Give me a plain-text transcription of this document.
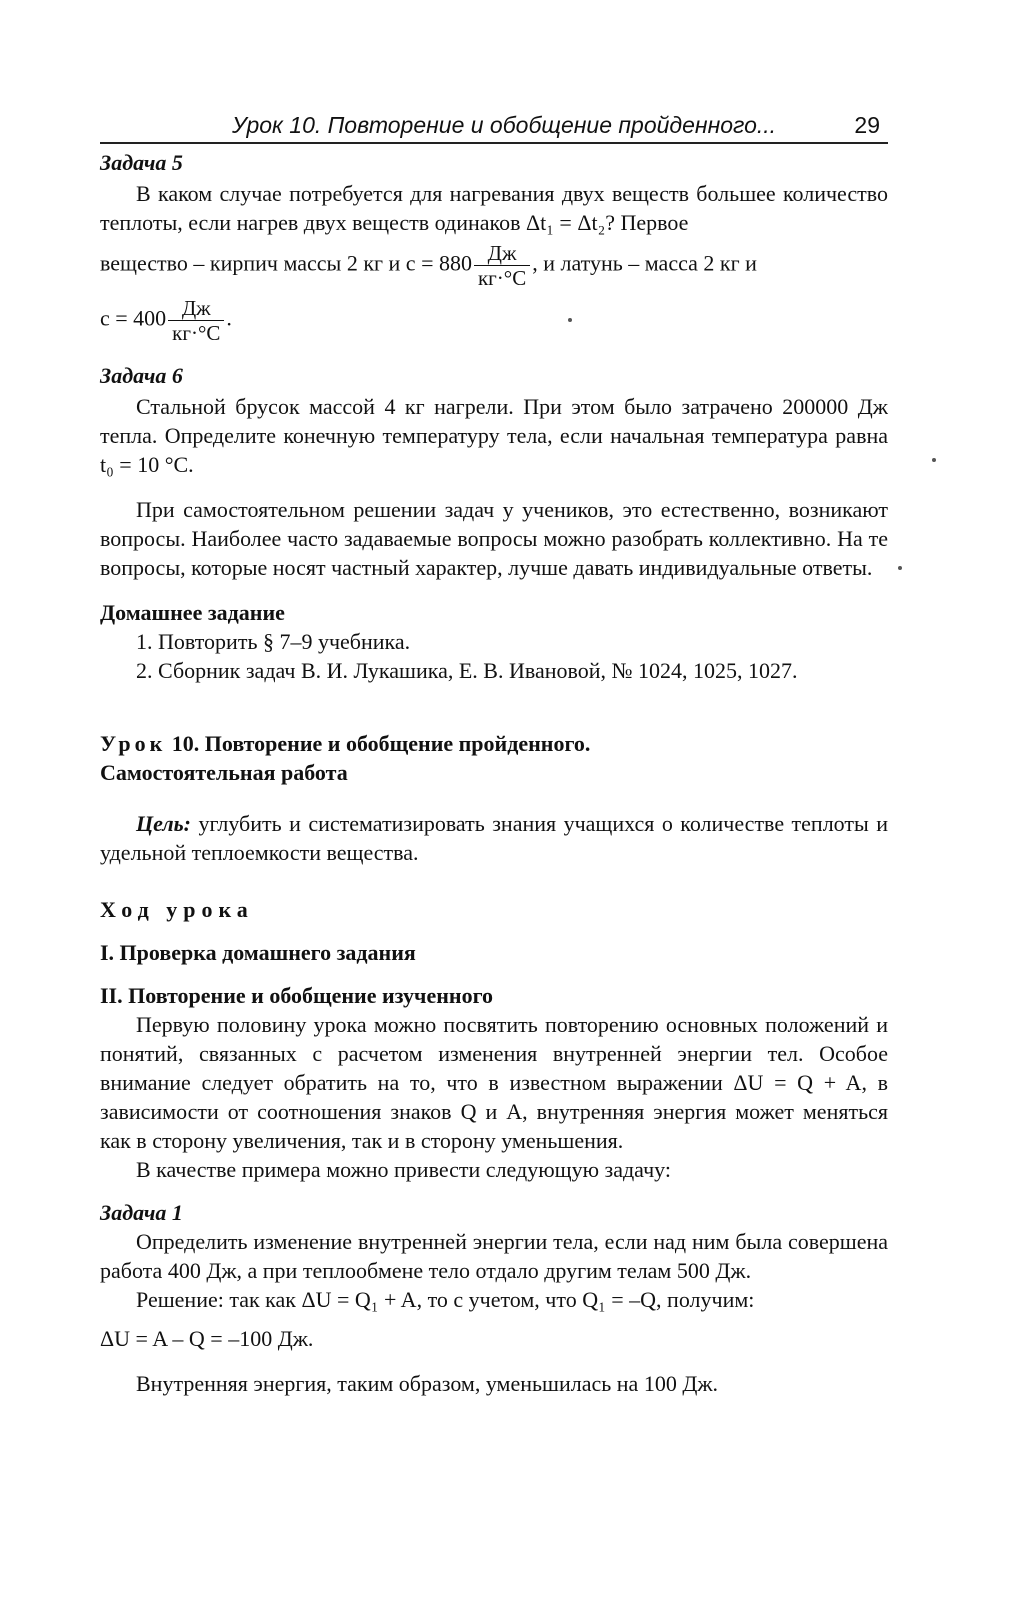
Урок 10. Повторение и обобщение пройденного...	29

Задача 5

В каком случае потребуется для нагревания двух веществ большее количество теплоты, если нагрев двух веществ одинаков Δt₁ = Δt₂? Первое

вещество – кирпич массы 2 кг и $c = 880 \frac{Дж}{кг\cdot^\circ С}$ , и латунь – масса 2 кг и
$c = 400 \frac{Дж}{кг\cdot^\circ С}$ .

Задача 6

Стальной брусок массой 4 кг нагрели. При этом было затрачено 200000 Дж тепла. Определите конечную температуру тела, если начальная температура равна t₀ = 10 °С.

При самостоятельном решении задач у учеников, это естественно, возникают вопросы. Наиболее часто задаваемые вопросы можно разобрать коллективно. На те вопросы, которые носят частный характер, лучше давать индивидуальные ответы.

Домашнее задание

1. Повторить § 7–9 учебника.

2. Сборник задач В. И. Лукашика, Е. В. Ивановой, № 1024, 1025, 1027.

Урок 10. Повторение и обобщение пройденного.

Самостоятельная работа

Цель: углубить и систематизировать знания учащихся о количестве теплоты и удельной теплоемкости вещества.

Ход урока

I. Проверка домашнего задания

II. Повторение и обобщение изученного

Первую половину урока можно посвятить повторению основных положений и понятий, связанных с расчетом изменения внутренней энергии тел. Особое внимание следует обратить на то, что в известном выражении ΔU = Q + A, в зависимости от соотношения знаков Q и A, внутренняя энергия может меняться как в сторону увеличения, так и в сторону уменьшения.

В качестве примера можно привести следующую задачу:

Задача 1

Определить изменение внутренней энергии тела, если над ним была совершена работа 400 Дж, а при теплообмене тело отдало другим телам 500 Дж.

Решение: так как ΔU = Q₁ + A, то с учетом, что Q₁ = –Q, получим:

ΔU = A – Q = –100 Дж.

Внутренняя энергия, таким образом, уменьшилась на 100 Дж.
